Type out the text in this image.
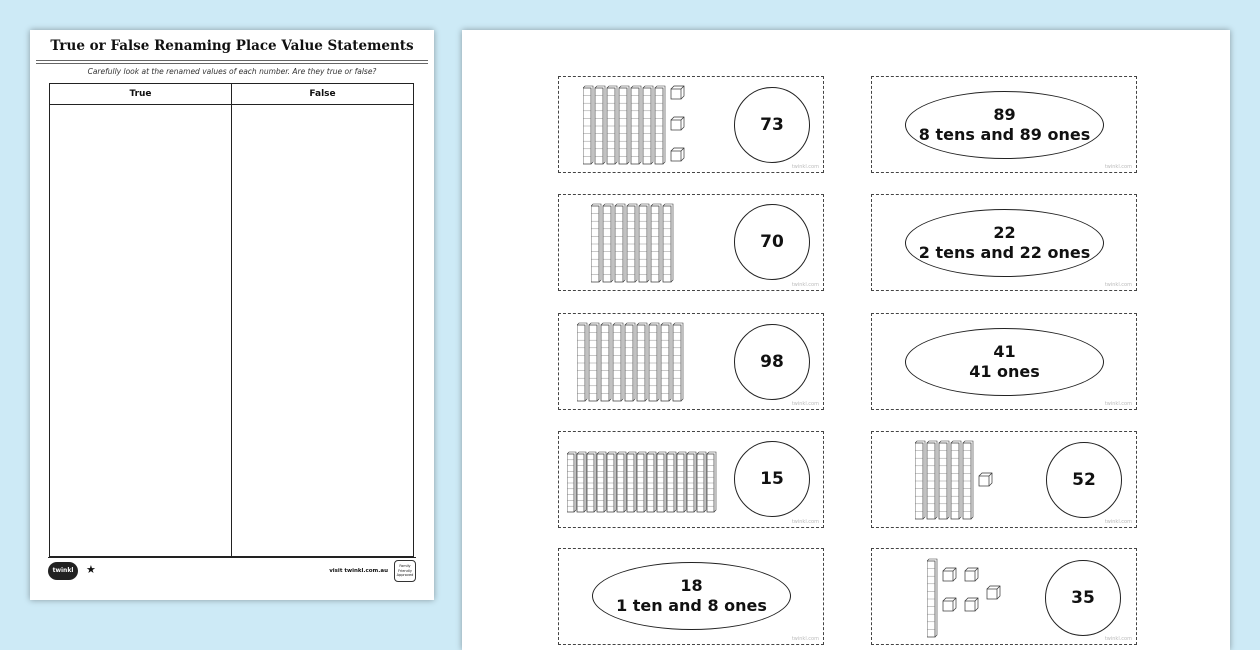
True or False Renaming Place Value Statements
Carefully look at the renamed values of each number. Are they true or false?
True	False
twinkl	★	visit twinkl.com.au
Family Friendly Approved
73
twinkl.com
89
8 tens and 89 ones
twinkl.com
70
twinkl.com
22
2 tens and 22 ones
twinkl.com
98
twinkl.com
41
41 ones
twinkl.com
15
twinkl.com
52
twinkl.com
18
1 ten and 8 ones
twinkl.com
35
twinkl.com
